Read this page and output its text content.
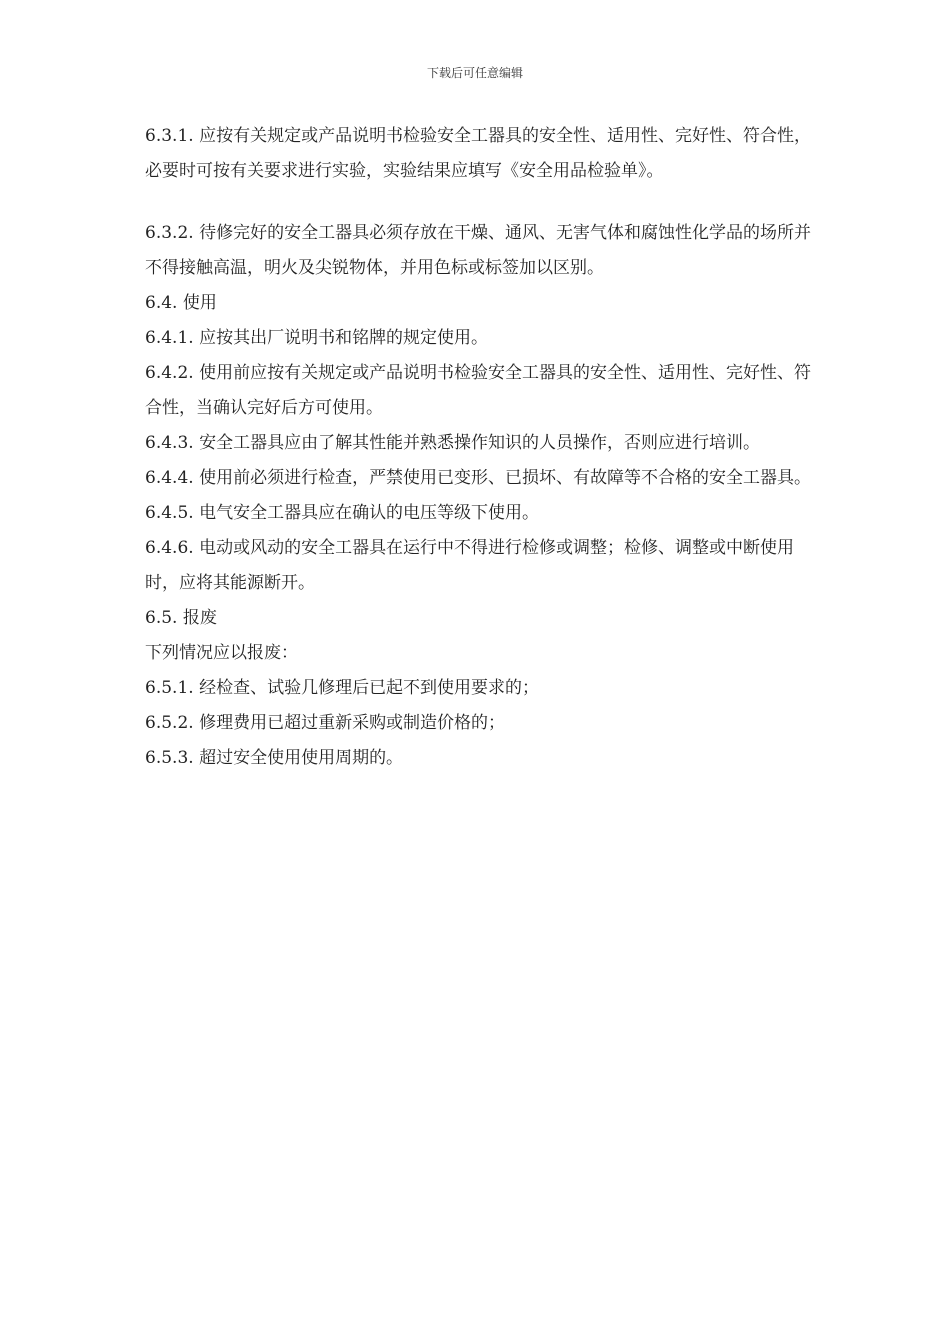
下载后可任意编辑

6.3.1. 应按有关规定或产品说明书检验安全工器具的安全性、适用性、完好性、符合性，必要时可按有关要求进行实验，实验结果应填写《安全用品检验单》。

6.3.2. 待修完好的安全工器具必须存放在干燥、通风、无害气体和腐蚀性化学品的场所并不得接触高温，明火及尖锐物体，并用色标或标签加以区别。

6.4. 使用

6.4.1. 应按其出厂说明书和铭牌的规定使用。

6.4.2. 使用前应按有关规定或产品说明书检验安全工器具的安全性、适用性、完好性、符合性，当确认完好后方可使用。

6.4.3. 安全工器具应由了解其性能并熟悉操作知识的人员操作，否则应进行培训。

6.4.4. 使用前必须进行检查，严禁使用已变形、已损坏、有故障等不合格的安全工器具。

6.4.5. 电气安全工器具应在确认的电压等级下使用。

6.4.6. 电动或风动的安全工器具在运行中不得进行检修或调整；检修、调整或中断使用时，应将其能源断开。

6.5. 报废

下列情况应以报废：

6.5.1. 经检查、试验几修理后已起不到使用要求的；

6.5.2. 修理费用已超过重新采购或制造价格的；

6.5.3. 超过安全使用使用周期的。
